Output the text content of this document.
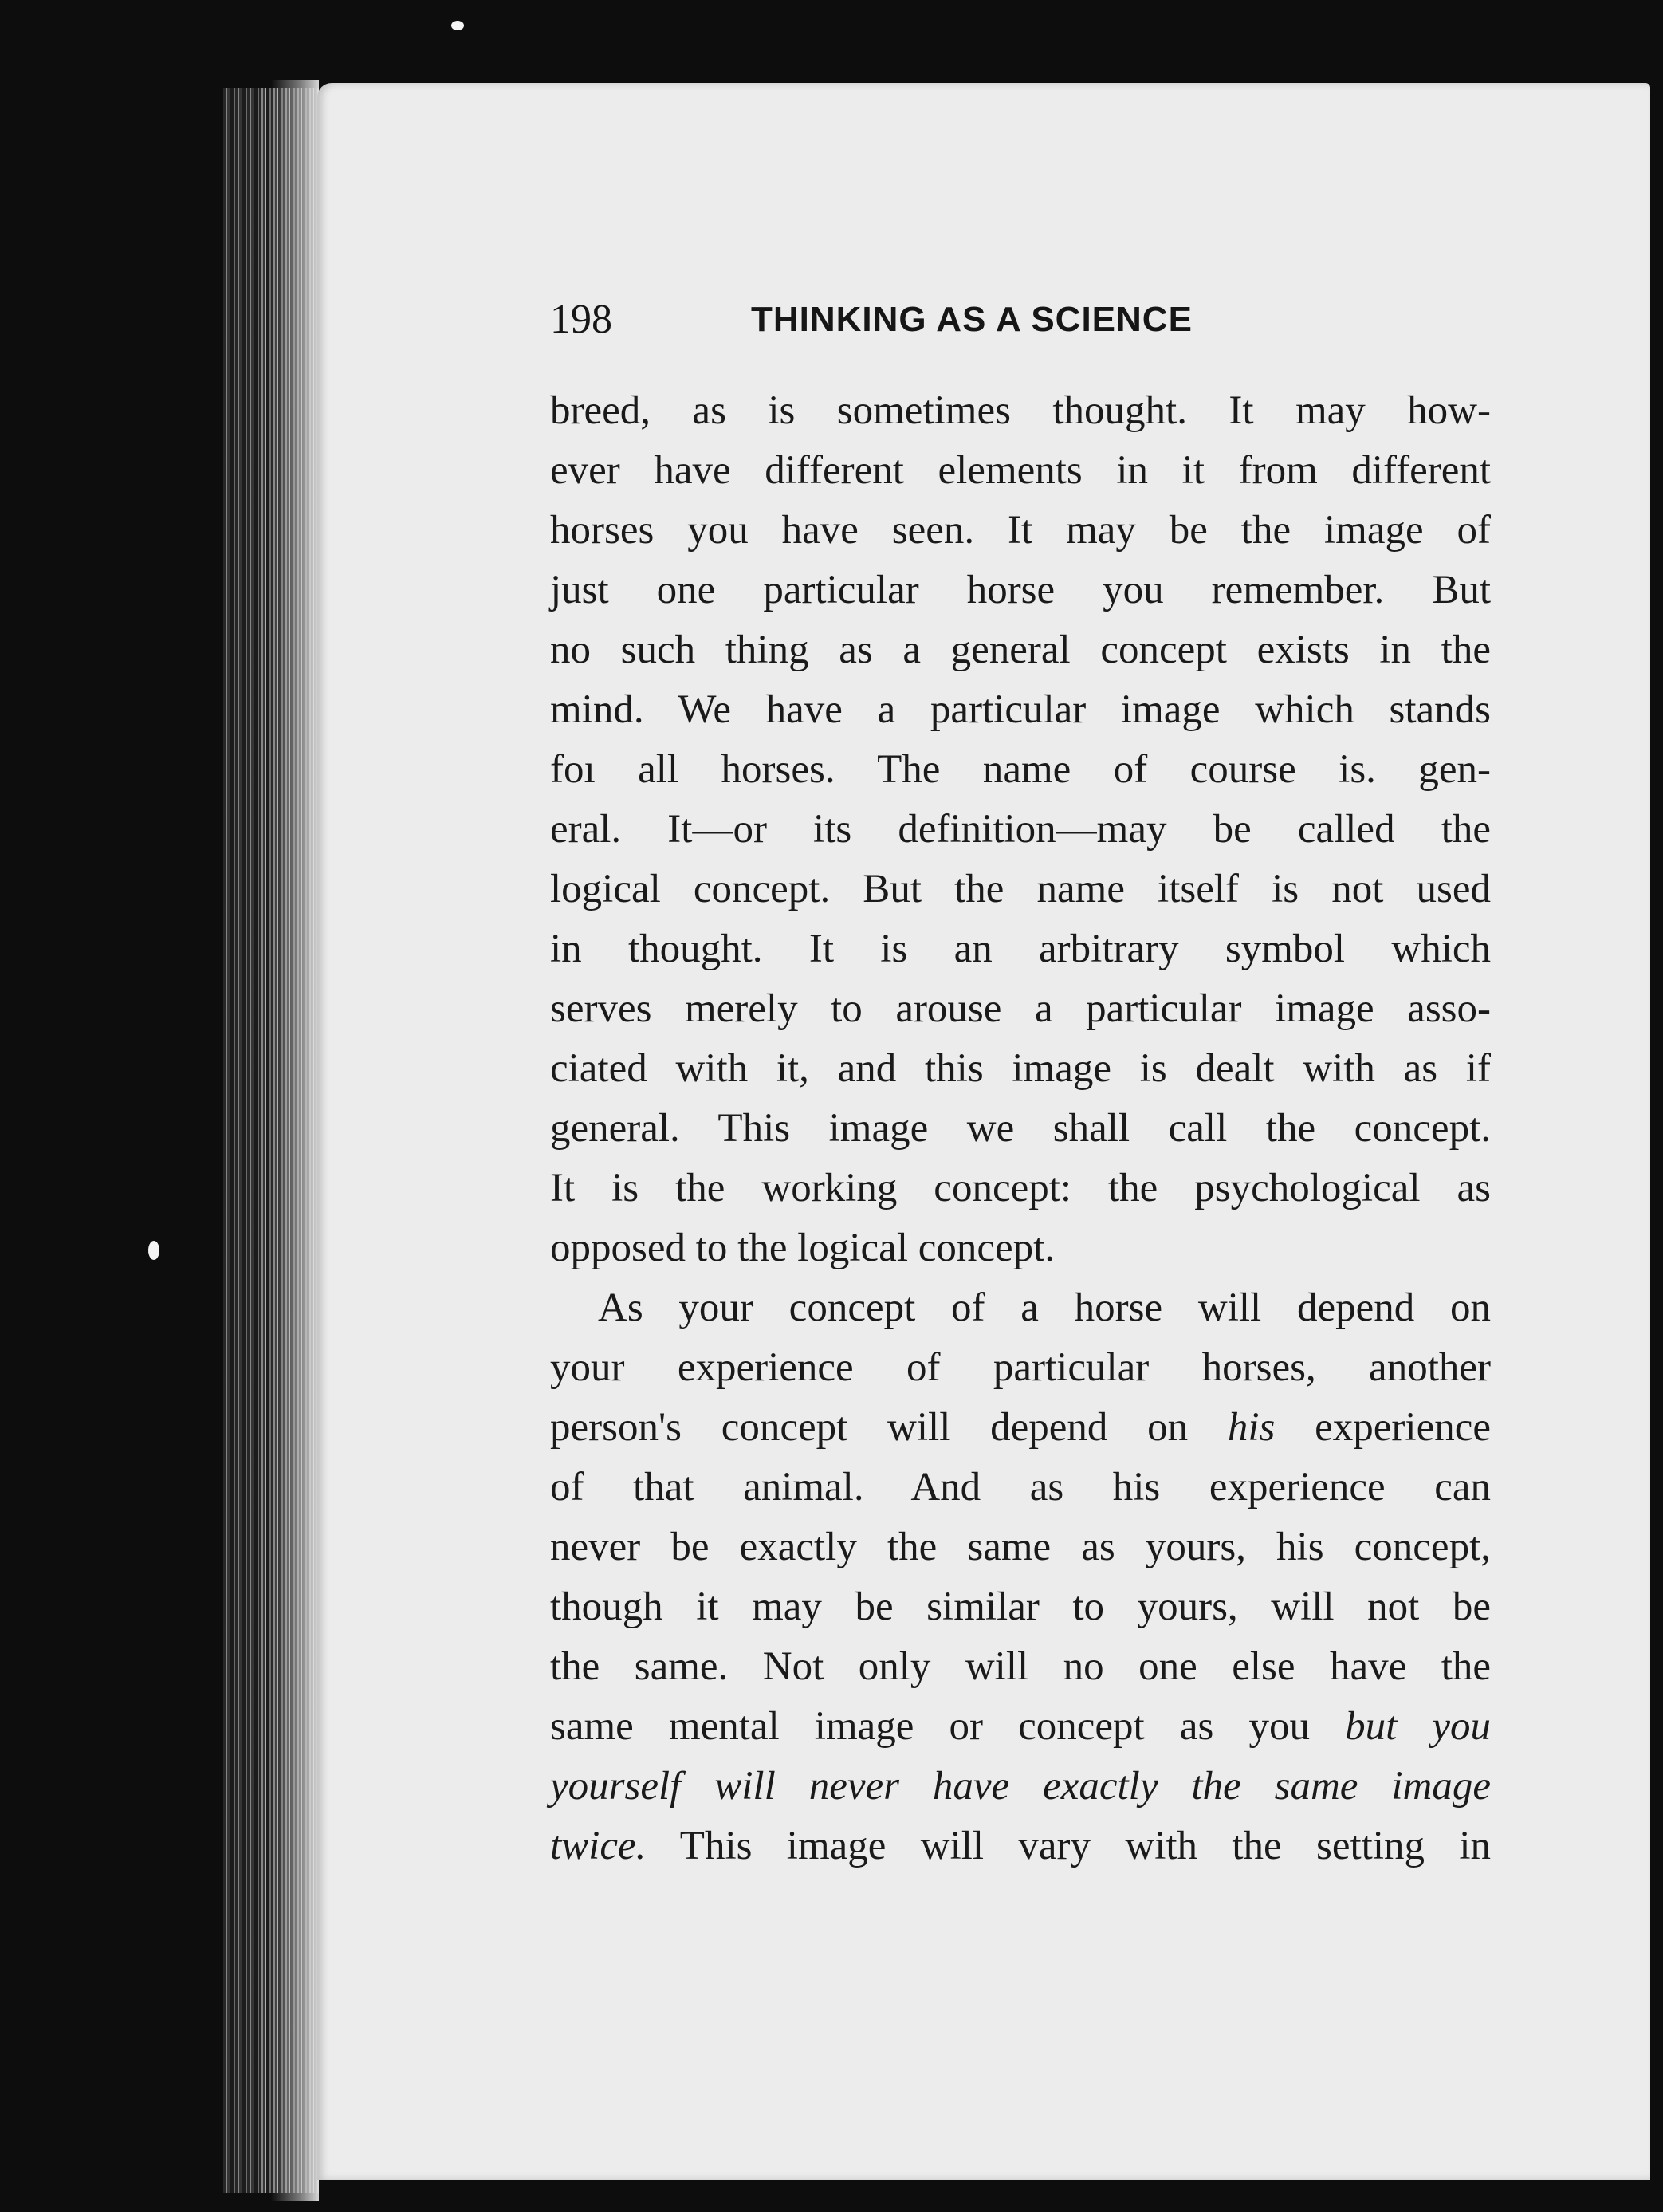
198	THINKING AS A SCIENCE
breed, as is sometimes thought. It may how-
ever have different elements in it from different
horses you have seen. It may be the image of
just one particular horse you remember. But
no such thing as a general concept exists in the
mind. We have a particular image which stands
foı all horses. The name of course is. gen-
eral. It—or its definition—may be called the
logical concept. But the name itself is not used
in thought. It is an arbitrary symbol which
serves merely to arouse a particular image asso-
ciated with it, and this image is dealt with as if
general. This image we shall call the concept.
It is the working concept: the psychological as
opposed to the logical concept.
As your concept of a horse will depend on
your experience of particular horses, another
person's concept will depend on his experience
of that animal. And as his experience can
never be exactly the same as yours, his concept,
though it may be similar to yours, will not be
the same. Not only will no one else have the
same mental image or concept as you but you
yourself will never have exactly the same image
twice. This image will vary with the setting in
